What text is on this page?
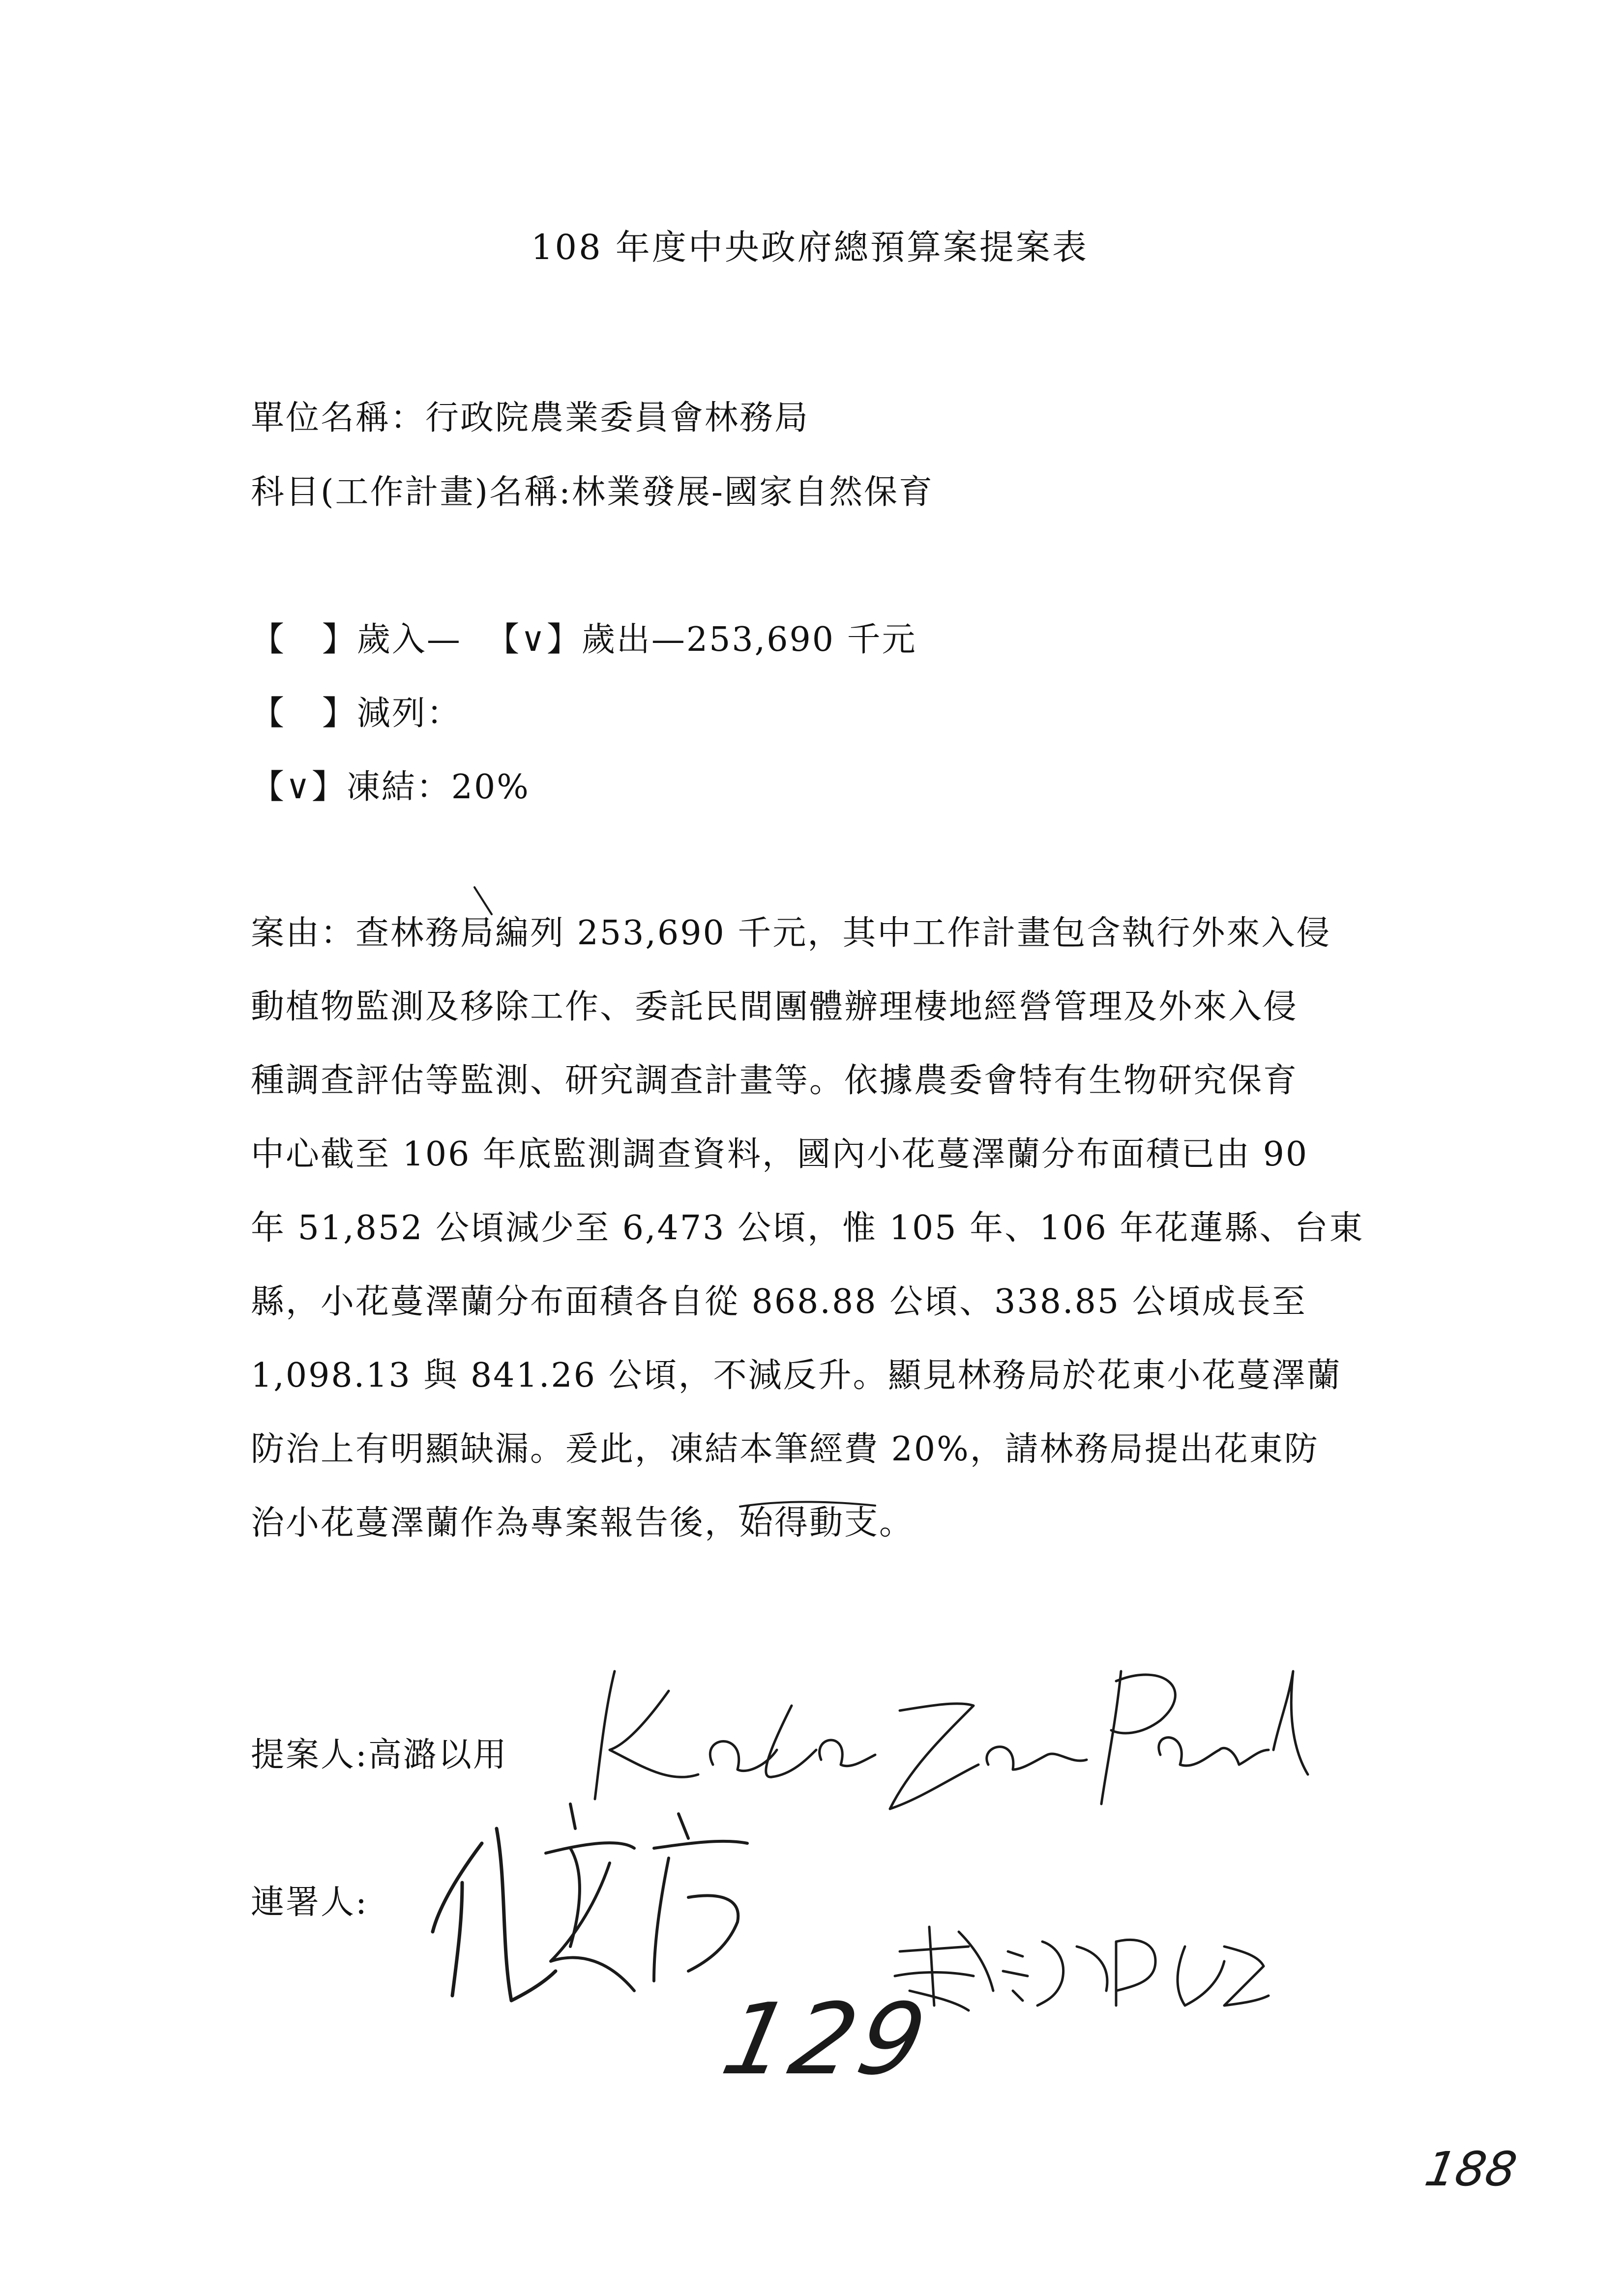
108 年度中央政府總預算案提案表
單位名稱：行政院農業委員會林務局
科目(工作計畫)名稱:林業發展-國家自然保育
【   】歲入—  【∨】歲出—253,690 千元
【   】減列：
【∨】凍結：20%
案由：查林務局編列 253,690 千元，其中工作計畫包含執行外來入侵
動植物監測及移除工作、委託民間團體辦理棲地經營管理及外來入侵
種調查評估等監測、研究調查計畫等。依據農委會特有生物研究保育
中心截至 106 年底監測調查資料，國內小花蔓澤蘭分布面積已由 90
年 51,852 公頃減少至 6,473 公頃，惟 105 年、106 年花蓮縣、台東
縣，小花蔓澤蘭分布面積各自從 868.88 公頃、338.85 公頃成長至
1,098.13 與 841.26 公頃，不減反升。顯見林務局於花東小花蔓澤蘭
防治上有明顯缺漏。爰此，凍結本筆經費 20%，請林務局提出花東防
治小花蔓澤蘭作為專案報告後，始得動支。
提案人:高潞以用
連署人:
129
188
